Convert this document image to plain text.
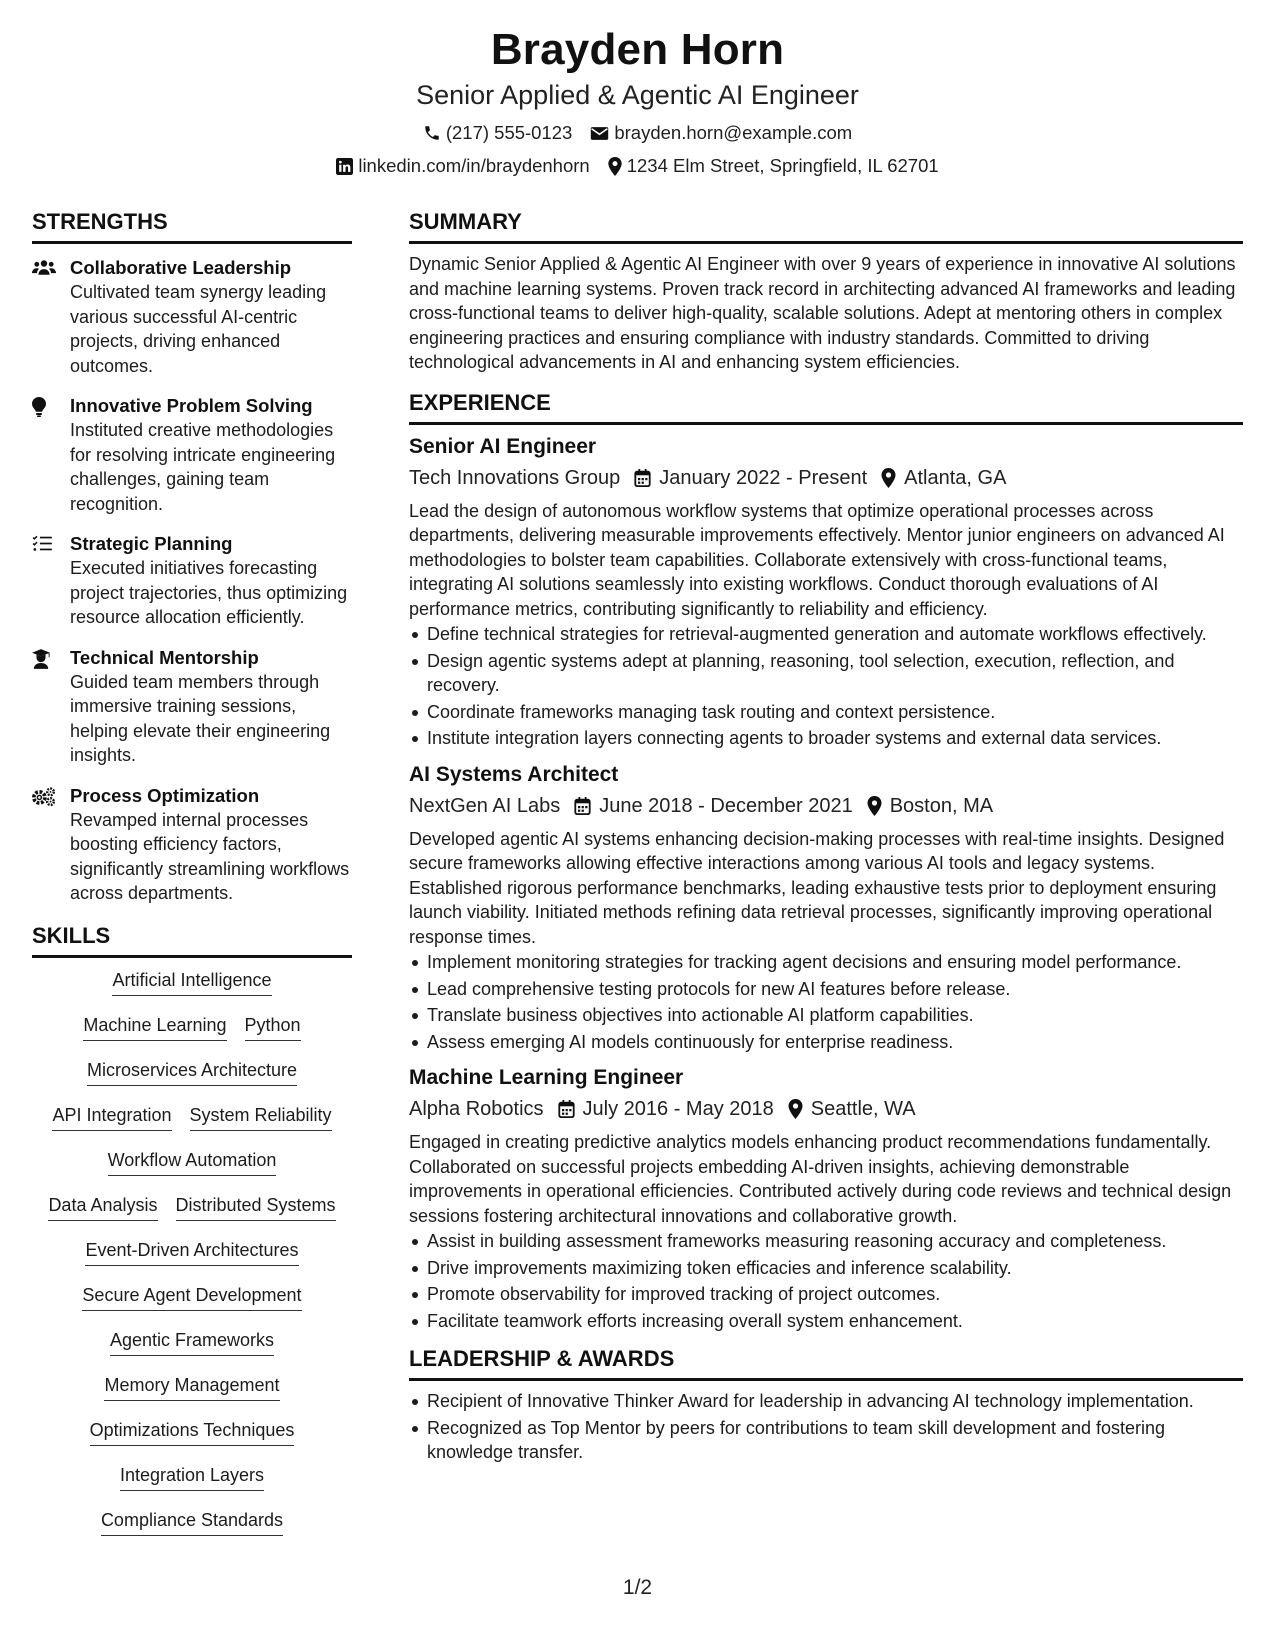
Brayden Horn
Senior Applied & Agentic AI Engineer
(217) 555-0123 brayden.horn@example.com
linkedin.com/in/braydenhorn 1234 Elm Street, Springfield, IL 62701
STRENGTHS
Collaborative Leadership
Cultivated team synergy leading various successful AI-centric projects, driving enhanced outcomes.
Innovative Problem Solving
Instituted creative methodologies for resolving intricate engineering challenges, gaining team recognition.
Strategic Planning
Executed initiatives forecasting project trajectories, thus optimizing resource allocation efficiently.
Technical Mentorship
Guided team members through immersive training sessions, helping elevate their engineering insights.
Process Optimization
Revamped internal processes boosting efficiency factors, significantly streamlining workflows across departments.
SKILLS
Artificial Intelligence
Machine Learning Python
Microservices Architecture
API Integration System Reliability
Workflow Automation
Data Analysis Distributed Systems
Event-Driven Architectures
Secure Agent Development
Agentic Frameworks
Memory Management
Optimizations Techniques
Integration Layers
Compliance Standards
SUMMARY
Dynamic Senior Applied & Agentic AI Engineer with over 9 years of experience in innovative AI solutions and machine learning systems. Proven track record in architecting advanced AI frameworks and leading cross-functional teams to deliver high-quality, scalable solutions. Adept at mentoring others in complex engineering practices and ensuring compliance with industry standards. Committed to driving technological advancements in AI and enhancing system efficiencies.
EXPERIENCE
Senior AI Engineer
Tech Innovations Group January 2022 - Present Atlanta, GA
Lead the design of autonomous workflow systems that optimize operational processes across departments, delivering measurable improvements effectively. Mentor junior engineers on advanced AI methodologies to bolster team capabilities. Collaborate extensively with cross-functional teams, integrating AI solutions seamlessly into existing workflows. Conduct thorough evaluations of AI performance metrics, contributing significantly to reliability and efficiency.
Define technical strategies for retrieval-augmented generation and automate workflows effectively.
Design agentic systems adept at planning, reasoning, tool selection, execution, reflection, and recovery.
Coordinate frameworks managing task routing and context persistence.
Institute integration layers connecting agents to broader systems and external data services.
AI Systems Architect
NextGen AI Labs June 2018 - December 2021 Boston, MA
Developed agentic AI systems enhancing decision-making processes with real-time insights. Designed secure frameworks allowing effective interactions among various AI tools and legacy systems. Established rigorous performance benchmarks, leading exhaustive tests prior to deployment ensuring launch viability. Initiated methods refining data retrieval processes, significantly improving operational response times.
Implement monitoring strategies for tracking agent decisions and ensuring model performance.
Lead comprehensive testing protocols for new AI features before release.
Translate business objectives into actionable AI platform capabilities.
Assess emerging AI models continuously for enterprise readiness.
Machine Learning Engineer
Alpha Robotics July 2016 - May 2018 Seattle, WA
Engaged in creating predictive analytics models enhancing product recommendations fundamentally. Collaborated on successful projects embedding AI-driven insights, achieving demonstrable improvements in operational efficiencies. Contributed actively during code reviews and technical design sessions fostering architectural innovations and collaborative growth.
Assist in building assessment frameworks measuring reasoning accuracy and completeness.
Drive improvements maximizing token efficacies and inference scalability.
Promote observability for improved tracking of project outcomes.
Facilitate teamwork efforts increasing overall system enhancement.
LEADERSHIP & AWARDS
Recipient of Innovative Thinker Award for leadership in advancing AI technology implementation.
Recognized as Top Mentor by peers for contributions to team skill development and fostering knowledge transfer.
1/2
